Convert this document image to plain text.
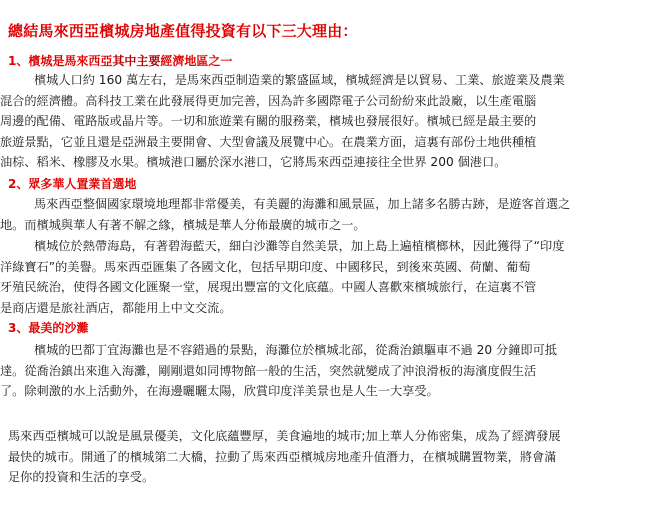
總結馬來西亞檳城房地產值得投資有以下三大理由：
1、檳城是馬來西亞其中主要經濟地區之一
檳城人口約 160 萬左右，是馬來西亞制造業的繁盛區域，檳城經濟是以貿易、工業、旅遊業及農業
混合的經濟體。高科技工業在此發展得更加完善，因為許多國際電子公司紛紛來此設廠，以生產電腦
周邊的配備、電路版或晶片等。一切和旅遊業有關的服務業，檳城也發展很好。檳城已經是最主要的
旅遊景點，它並且還是亞洲最主要開會、大型會議及展覽中心。在農業方面，這裏有部份土地供種植
油棕、稻米、橡膠及水果。檳城港口屬於深水港口，它將馬來西亞連接往全世界 200 個港口。
2、眾多華人置業首選地
馬來西亞整個國家環境地理都非常優美，有美麗的海灘和風景區，加上諸多名勝古跡，是遊客首選之
地。而檳城與華人有著不解之緣，檳城是華人分佈最廣的城市之一。
檳城位於熱帶海島，有著碧海藍天，細白沙灘等自然美景，加上島上遍植檳榔林，因此獲得了“印度
洋綠寶石”的美譽。馬來西亞匯集了各國文化，包括早期印度、中國移民，到後來英國、荷蘭、葡萄
牙殖民統治，使得各國文化匯聚一堂，展現出豐富的文化底蘊。中國人喜歡來檳城旅行，在這裏不管
是商店還是旅社酒店，都能用上中文交流。
3、最美的沙灘
檳城的巴都丁宜海灘也是不容錯過的景點，海灘位於檳城北部，從喬治鎮驅車不過 20 分鐘即可抵
達。從喬治鎮出來進入海灘，剛剛還如同博物館一般的生活，突然就變成了沖浪滑板的海濱度假生活
了。除刺激的水上活動外，在海邊曬曬太陽，欣賞印度洋美景也是人生一大享受。
馬來西亞檳城可以說是風景優美，文化底蘊豐厚，美食遍地的城市;加上華人分佈密集，成為了經濟發展
最快的城市。開通了的檳城第二大橋，拉動了馬來西亞檳城房地產升值潛力，在檳城購置物業，將會滿
足你的投資和生活的享受。
